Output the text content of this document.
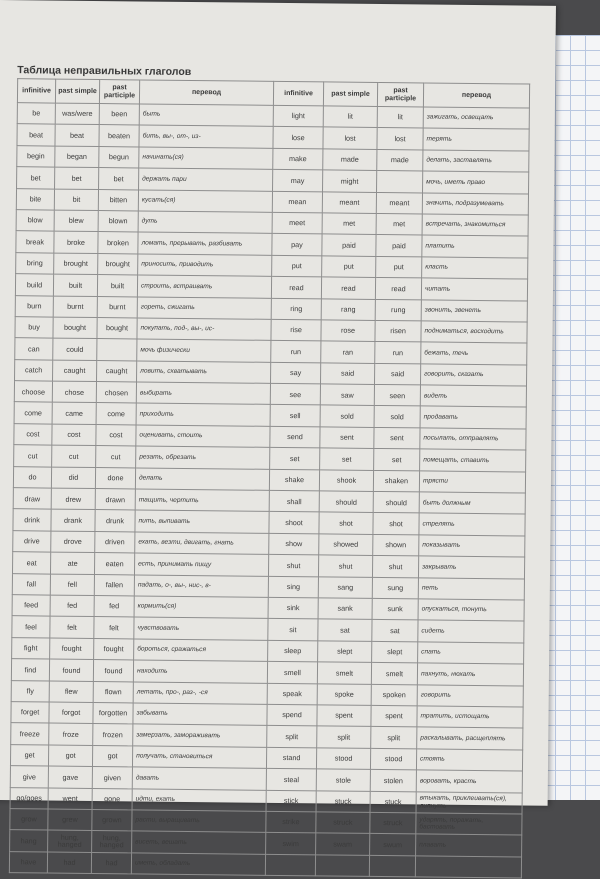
Таблица неправильных глаголов
infinitive	past simple	past participle	перевод	infinitive	past simple	past participle	перевод
be	was/were	been	быть	light	lit	lit	зажигать, освещать
beat	beat	beaten	бить, вы-, от-, из-	lose	lost	lost	терять
begin	began	begun	начинать(ся)	make	made	made	делать, заставлять
bet	bet	bet	держать пари	may	might		мочь, иметь право
bite	bit	bitten	кусать(ся)	mean	meant	meant	значить, подразумевать
blow	blew	blown	дуть	meet	met	met	встречать, знакомиться
break	broke	broken	ломать, прерывать, разбивать	pay	paid	paid	платить
bring	brought	brought	приносить, приводить	put	put	put	класть
build	built	built	строить, встраивать	read	read	read	читать
burn	burnt	burnt	гореть, сжигать	ring	rang	rung	звонить, звенеть
buy	bought	bought	покупать, под-, вы-, ис-	rise	rose	risen	подниматься, восходить
can	could		мочь физически	run	ran	run	бежать, течь
catch	caught	caught	ловить, схватывать	say	said	said	говорить, сказать
choose	chose	chosen	выбирать	see	saw	seen	видеть
come	came	come	приходить	sell	sold	sold	продавать
cost	cost	cost	оценивать, стоить	send	sent	sent	посылать, отправлять
cut	cut	cut	резать, обрезать	set	set	set	помещать, ставить
do	did	done	делать	shake	shook	shaken	трясти
draw	drew	drawn	тащить, чертить	shall	should	should	быть должным
drink	drank	drunk	пить, выпивать	shoot	shot	shot	стрелять
drive	drove	driven	ехать, везти, двигать, гнать	show	showed	shown	показывать
eat	ate	eaten	есть, принимать пищу	shut	shut	shut	закрывать
fall	fell	fallen	падать, о-, вы-, нис-, в-	sing	sang	sung	петь
feed	fed	fed	кормить(ся)	sink	sank	sunk	опускаться, тонуть
feel	felt	felt	чувствовать	sit	sat	sat	сидеть
fight	fought	fought	бороться, сражаться	sleep	slept	slept	спать
find	found	found	находить	smell	smelt	smelt	пахнуть, нюхать
fly	flew	flown	летать, про-, раз-, -ся	speak	spoke	spoken	говорить
forget	forgot	forgotten	забывать	spend	spent	spent	тратить, истощать
freeze	froze	frozen	замерзать, замораживать	split	split	split	раскалывать, расщеплять
get	got	got	получать, становиться	stand	stood	stood	стоять
give	gave	given	давать	steal	stole	stolen	воровать, красть
go/goes	went	gone	идти, ехать	stick	stuck	stuck	втыкать, приклеивать(ся), липнуть
grow	grew	grown	расти, выращивать	strike	struck	struck	ударять, поражать, бастовать
hang	hung, hanged	hung, hanged	висеть, вешать	swim	swam	swum	плавать
have	had	had	иметь, обладать				
